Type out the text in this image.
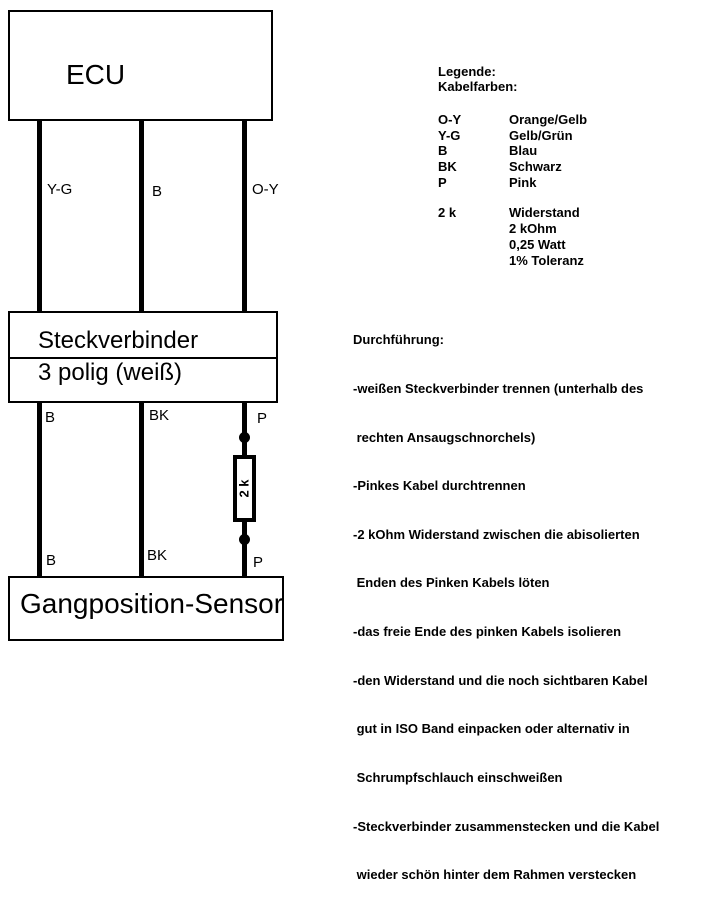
ECU
Y-G	B	O-Y
Steckverbinder
3 polig (weiß)
B	BK	P
2 k
B	BK	P
Gangposition-Sensor
Legende:
Kabelfarben:
O-Y	Orange/Gelb
Y-G	Gelb/Grün
B	Blau
BK	Schwarz
P	Pink
2 k	Widerstand
2 kOhm
0,25 Watt
1% Toleranz

Durchführung:

-weißen Steckverbinder trennen (unterhalb des

rechten Ansaugschnorchels)

-Pinkes Kabel durchtrennen

-2 kOhm Widerstand zwischen die abisolierten

Enden des Pinken Kabels löten

-das freie Ende des pinken Kabels isolieren

-den Widerstand und die noch sichtbaren Kabel

gut in ISO Band einpacken oder alternativ in

Schrumpfschlauch einschweißen

-Steckverbinder zusammenstecken und die Kabel

wieder schön hinter dem Rahmen verstecken
